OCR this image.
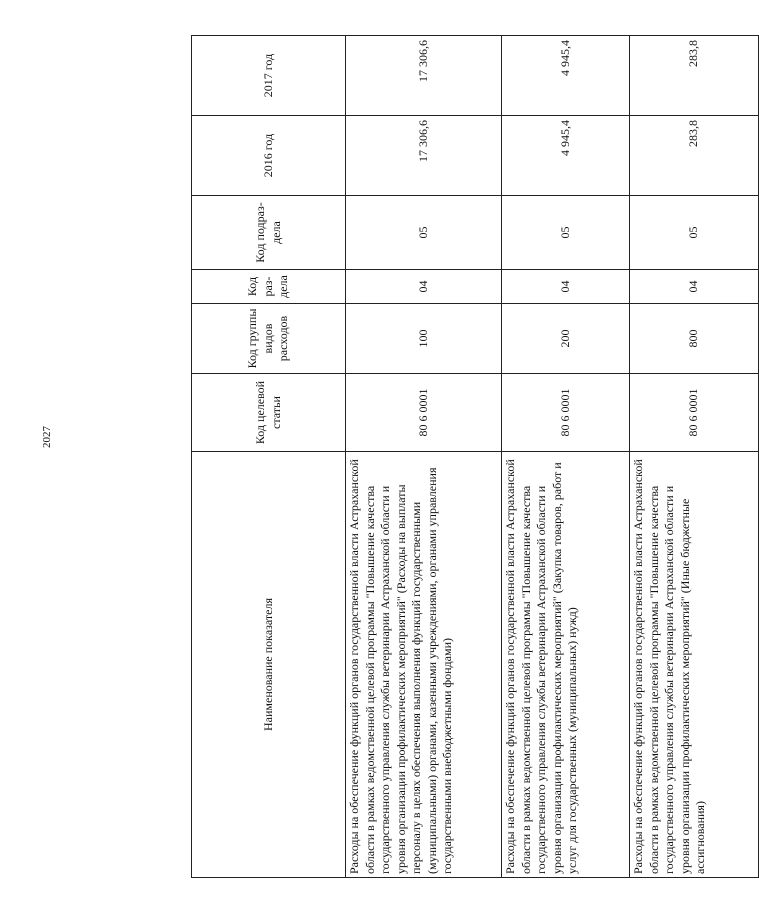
2027
Наименование показателя	Код целевой статьи	Код группы видов расходов	Код раз-дела	Код подраз-дела	2016 год	2017 год
Расходы на обеспечение функций органов государственной власти Астраханской области в рамках ведомственной целевой программы "Повышение качества государственного управления службы ветеринарии Астраханской области и уровня организации профилактических мероприятий" (Расходы на выплаты персоналу в целях обеспечения выполнения функций государственными (муниципальными) органами, казенными учреждениями, органами управления государственными внебюджетными фондами)	80 6 0001	100	04	05	17 306,6	17 306,6
Расходы на обеспечение функций органов государственной власти Астраханской области в рамках ведомственной целевой программы "Повышение качества государственного управления службы ветеринарии Астраханской области и уровня организации профилактических мероприятий" (Закупка товаров, работ и услуг для государственных (муниципальных) нужд)	80 6 0001	200	04	05	4 945,4	4 945,4
Расходы на обеспечение функций органов государственной власти Астраханской области в рамках ведомственной целевой программы "Повышение качества государственного управления службы ветеринарии Астраханской области и уровня организации профилактических мероприятий" (Иные бюджетные ассигнования)	80 6 0001	800	04	05	283,8	283,8
